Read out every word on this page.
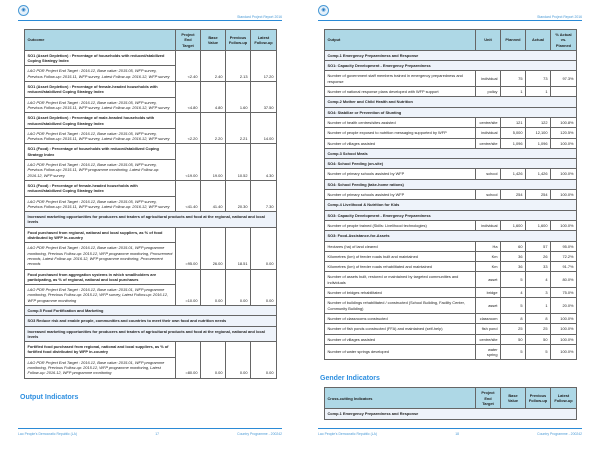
◉
Standard Project Report 2016
Outcome	Project End Target	Base Value	Previous Follow-up	Latest Follow-up
SO1 (Asset Depletion) : Percentage of households with reduced/stabilized Coping Strategy Index	<2.40	2.40	2.13	17.20
LAO PDR Project End Target : 2016.12, Base value: 2015.05, WFP survey, Previous Follow-up: 2015.11, WFP survey, Latest Follow-up: 2016.12, WFP survey				
SO1 (Asset Depletion) : Percentage of female-headed households with reduced/stabilized Coping Strategy Index	<4.80	4.80	1.60	37.50
LAO PDR Project End Target : 2016.12, Base value: 2015.05, WFP survey, Previous Follow-up: 2015.11, WFP survey, Latest Follow-up: 2016.12, WFP survey				
SO1 (Asset Depletion) : Percentage of male-headed households with reduced/stabilized Coping Strategy Index	<2.20	2.20	2.21	14.00
LAO PDR Project End Target : 2016.12, Base value: 2015.05, WFP survey, Previous Follow-up: 2015.11, WFP survey, Latest Follow-up: 2016.12, WFP survey				
SO1 (Food) : Percentage of households with reduced/stabilized Coping Strategy Index	<19.00	19.00	10.52	4.30
LAO PDR Project End Target : 2016.12, Base value: 2015.05, WFP survey, Previous Follow-up: 2015.11, WFP programme monitoring, Latest Follow-up: 2016.12, WFP survey				
SO1 (Food) : Percentage of female-headed households with reduced/stabilized Coping Strategy Index	<41.40	41.40	20.30	7.30
LAO PDR Project End Target : 2016.12, Base value: 2015.05, WFP survey, Previous Follow-up: 2015.11, WFP survey, Latest Follow-up: 2016.12, WFP survey				
Increased marketing opportunities for producers and traders of agricultural products and food at the regional, national and local levels				
Food purchased from regional, national and local suppliers, as % of food distributed by WFP in-country	=95.00	26.00	18.51	0.00
LAO PDR Project End Target : 2016.12, Base value: 2015.01, WFP programme monitoring, Previous Follow-up: 2015.12, WFP programme monitoring, Procurement records, Latest Follow-up: 2016.12, WFP programme monitoring, Procurement records				
Food purchased from aggregation systems in which smallholders are participating, as % of regional, national and local purchases	=10.00	0.00	0.00	0.00
LAO PDR Project End Target : 2016.12, Base value: 2015.01, WFP programme monitoring, Previous Follow-up: 2015.12, WFP survey, Latest Follow-up: 2016.12, WFP programme monitoring				
Comp.5 Food Fortification and Marketing				
SO3 Reduce risk and enable people, communities and countries to meet their own food and nutrition needs				
Increased marketing opportunities for producers and traders of agricultural products and food at the regional, national and local levels				
Fortified food purchased from regional, national and local suppliers, as % of fortified food distributed by WFP in-country	=80.00	0.00	0.00	0.00
LAO PDR Project End Target : 2016.12, Base value: 2015.01, WFP programme monitoring, Previous Follow-up: 2015.12, WFP programme monitoring, Latest Follow-up: 2016.12, WFP programme monitoring				
Output Indicators
Lao People's Democratic Republic (LA)	17	Country Programme - 200242
◉
Standard Project Report 2016
Output	Unit	Planned	Actual	% Actual vs. Planned
Comp.1 Emergency Preparedness and Response				
SO1: Capacity Development - Emergency Preparedness				
Number of government staff members trained in emergency preparedness and response	individual	75	73	97.3%
Number of national response plans developed with WFP support	policy	1	1	
Comp.2 Mother and Child Health and Nutrition				
SO4: Stabilize or Prevention of Stunting				
Number of health centres/sites assisted	centre/site	121	122	100.8%
Number of people exposed to nutrition messaging supported by WFP	individual	5,000	12,100	120.5%
Number of villages assisted	centre/site	1,096	1,096	100.0%
Comp.3 School Meals				
SO4: School Feeding (on-site)				
Number of primary schools assisted by WFP	school	1,426	1,426	100.0%
SO4: School Feeding (take-home rations)				
Number of primary schools assisted by WFP	school	254	254	100.0%
Comp.4 Livelihood & Nutrition for Kids				
SO3: Capacity Development - Emergency Preparedness				
Number of people trained (Skills: Livelihood technologies)	individual	1,600	1,600	100.0%
SO3: Food-Assistance-for-Assets				
Hectares (ha) of land cleared	Ha	60	57	95.0%
Kilometres (km) of feeder roads built and maintained	Km	36	26	72.2%
Kilometres (km) of feeder roads rehabilitated and maintained	Km	36	33	91.7%
Number of assets built, restored or maintained by targeted communities and individuals	asset	5	4	80.0%
Number of bridges rehabilitated	bridge	4	3	75.0%
Number of buildings rehabilitated / constructed (School Building, Facility Center, Community Building)	asset	5	1	20.0%
Number of classrooms constructed	classroom	8	8	100.0%
Number of fish ponds constructed (FFA) and maintained (self-help)	fish pond	25	25	100.0%
Number of villages assisted	centre/site	50	50	100.0%
Number of water springs developed	water spring	5	5	100.0%
Gender Indicators
Cross-cutting Indicators	Project End Target	Base Value	Previous Follow-up	Latest Follow-up
Comp.1 Emergency Preparedness and Response
Lao People's Democratic Republic (LA)	18	Country Programme - 200242
